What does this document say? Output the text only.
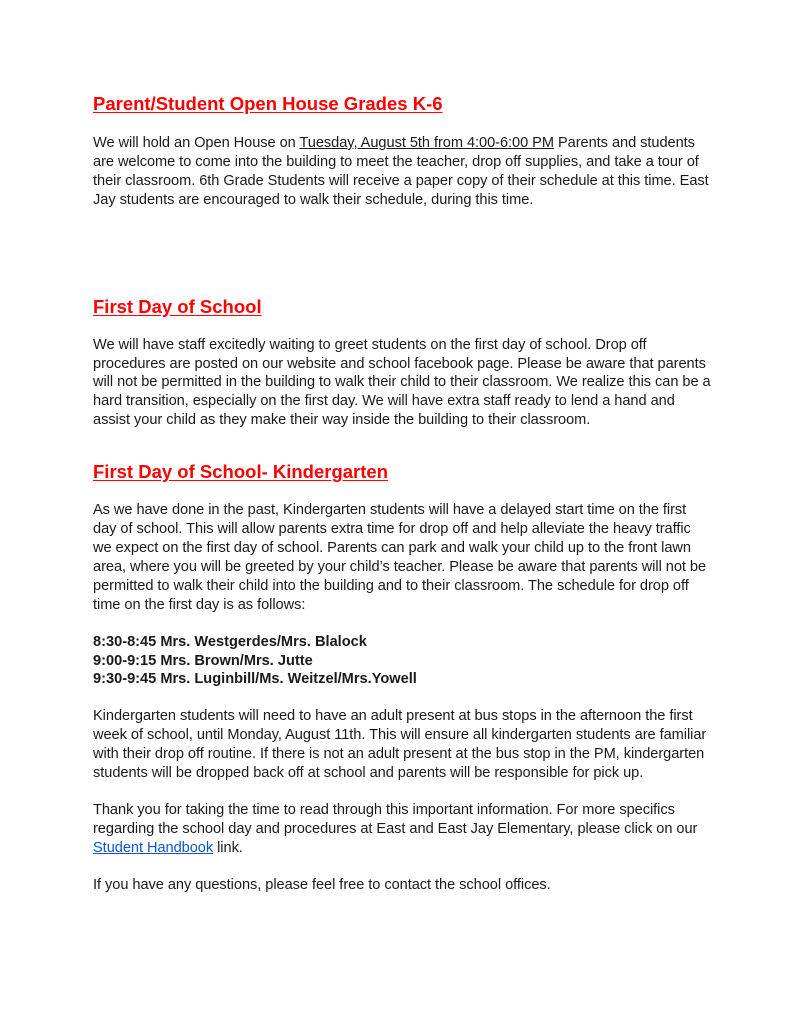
Parent/Student Open House Grades K-6

We will hold an Open House on Tuesday, August 5th from 4:00-6:00 PM Parents and students are welcome to come into the building to meet the teacher, drop off supplies, and take a tour of their classroom. 6th Grade Students will receive a paper copy of their schedule at this time. East Jay students are encouraged to walk their schedule, during this time.

First Day of School

We will have staff excitedly waiting to greet students on the first day of school. Drop off procedures are posted on our website and school facebook page. Please be aware that parents will not be permitted in the building to walk their child to their classroom. We realize this can be a hard transition, especially on the first day. We will have extra staff ready to lend a hand and assist your child as they make their way inside the building to their classroom.

First Day of School- Kindergarten

As we have done in the past, Kindergarten students will have a delayed start time on the first day of school. This will allow parents extra time for drop off and help alleviate the heavy traffic we expect on the first day of school. Parents can park and walk your child up to the front lawn area, where you will be greeted by your child’s teacher. Please be aware that parents will not be permitted to walk their child into the building and to their classroom. The schedule for drop off time on the first day is as follows:

8:30-8:45 Mrs. Westgerdes/Mrs. Blalock
9:00-9:15 Mrs. Brown/Mrs. Jutte
9:30-9:45 Mrs. Luginbill/Ms. Weitzel/Mrs.Yowell

Kindergarten students will need to have an adult present at bus stops in the afternoon the first week of school, until Monday, August 11th. This will ensure all kindergarten students are familiar with their drop off routine. If there is not an adult present at the bus stop in the PM, kindergarten students will be dropped back off at school and parents will be responsible for pick up.

Thank you for taking the time to read through this important information. For more specifics regarding the school day and procedures at East and East Jay Elementary, please click on our Student Handbook link.

If you have any questions, please feel free to contact the school offices.
